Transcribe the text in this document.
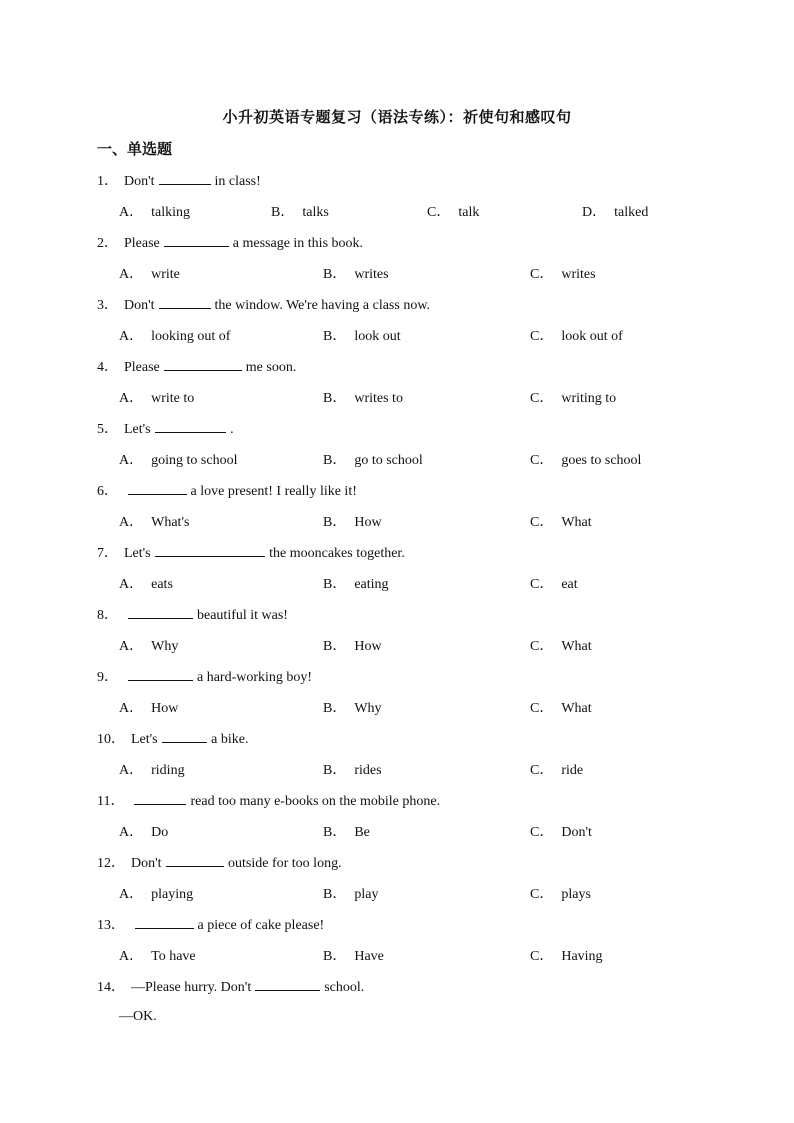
小升初英语专题复习（语法专练）：祈使句和感叹句
一、单选题
1． Don't	in class!
A． talking	B． talks	C． talk	D． talked
2． Please	a message in this book.
A． write	B． writes	C． writes
3． Don't	the window. We're having a class now.
A． looking out of	B． look out	C． look out of
4． Please	me soon.
A． write to	B． writes to	C． writing to
5． Let's	.
A． going to school	B． go to school	C． goes to school
6．	a love present! I really like it!
A． What's	B． How	C． What
7． Let's	the mooncakes together.
A． eats	B． eating	C． eat
8．	beautiful it was!
A． Why	B． How	C． What
9．	a hard-working boy!
A． How	B． Why	C． What
10． Let's	a bike.
A． riding	B． rides	C． ride
11．	read too many e-books on the mobile phone.
A． Do	B． Be	C． Don't
12． Don't	outside for too long.
A． playing	B． play	C． plays
13．	a piece of cake please!
A． To have	B． Have	C． Having
14． —Please hurry. Don't	school.
—OK.
